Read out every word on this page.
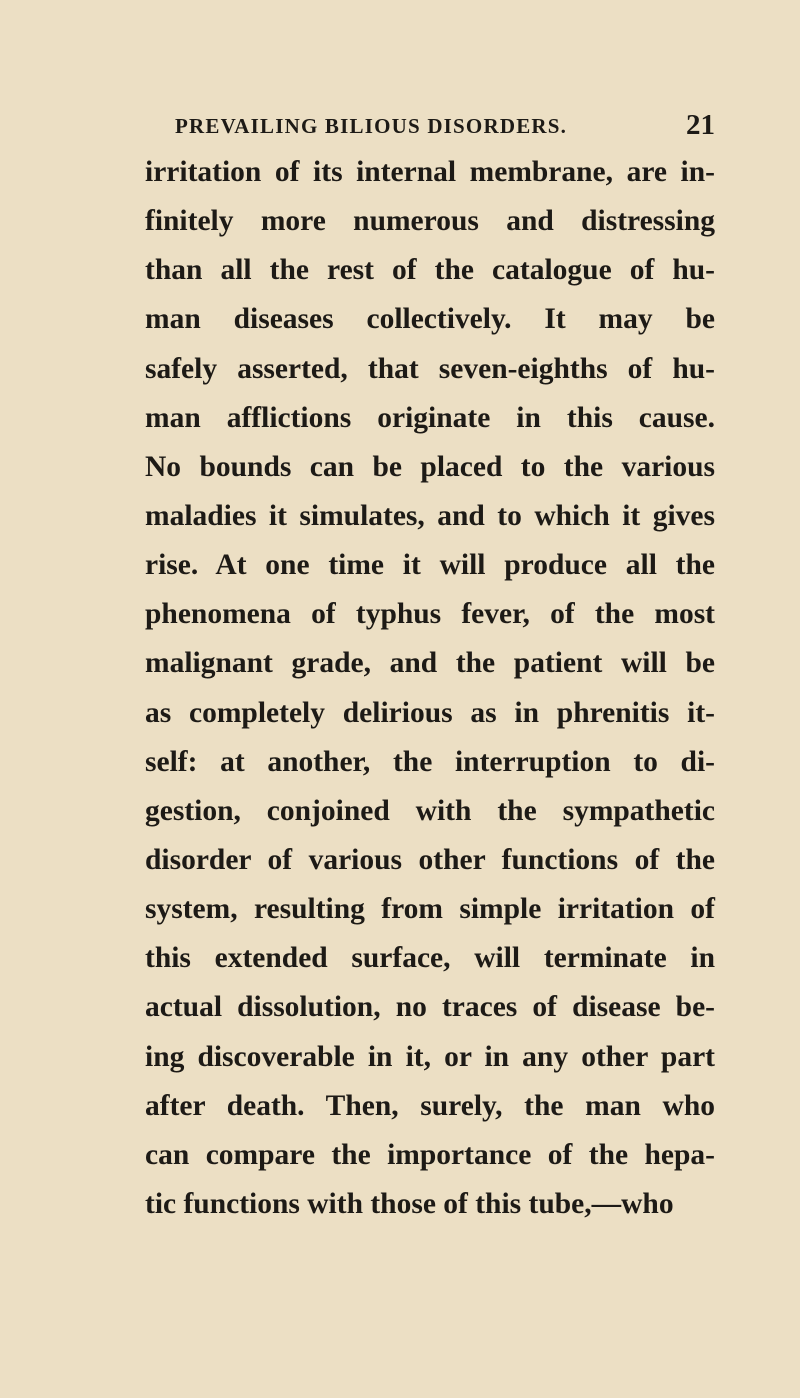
PREVAILING BILIOUS DISORDERS.	21
irritation of its internal membrane, are in-
finitely more numerous and distressing
than all the rest of the catalogue of hu-
man diseases collectively. It may be
safely asserted, that seven-eighths of hu-
man afflictions originate in this cause.
No bounds can be placed to the various
maladies it simulates, and to which it gives
rise. At one time it will produce all the
phenomena of typhus fever, of the most
malignant grade, and the patient will be
as completely delirious as in phrenitis it-
self: at another, the interruption to di-
gestion, conjoined with the sympathetic
disorder of various other functions of the
system, resulting from simple irritation of
this extended surface, will terminate in
actual dissolution, no traces of disease be-
ing discoverable in it, or in any other part
after death. Then, surely, the man who
can compare the importance of the hepa-
tic functions with those of this tube,—who
